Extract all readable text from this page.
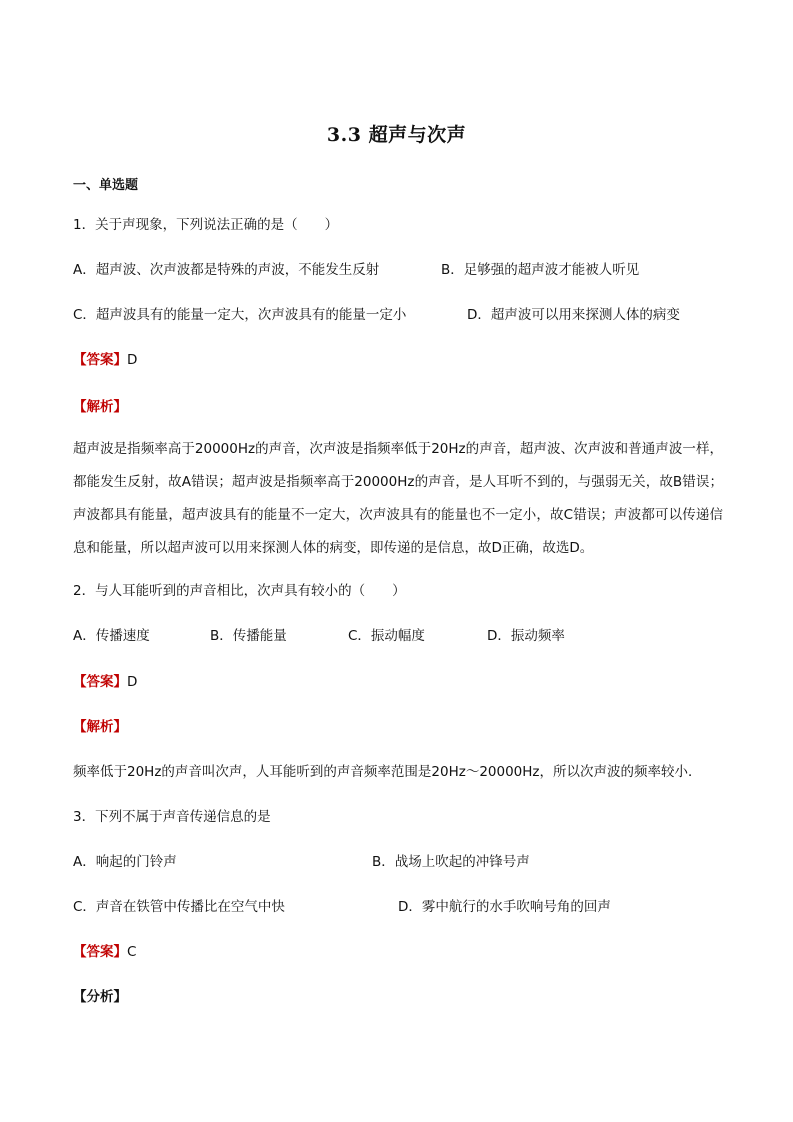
3.3 超声与次声
一、单选题
1．关于声现象，下列说法正确的是（　　）
A．超声波、次声波都是特殊的声波，不能发生反射	B．足够强的超声波才能被人听见
C．超声波具有的能量一定大，次声波具有的能量一定小	D．超声波可以用来探测人体的病变
【答案】D
【解析】
超声波是指频率高于20000Hz的声音，次声波是指频率低于20Hz的声音，超声波、次声波和普通声波一样，都能发生反射，故A错误；超声波是指频率高于20000Hz的声音，是人耳听不到的，与强弱无关，故B错误；声波都具有能量，超声波具有的能量不一定大，次声波具有的能量也不一定小，故C错误；声波都可以传递信息和能量，所以超声波可以用来探测人体的病变，即传递的是信息，故D正确，故选D。
2．与人耳能听到的声音相比，次声具有较小的（　　）
A．传播速度	B．传播能量	C．振动幅度	D．振动频率
【答案】D
【解析】
频率低于20Hz的声音叫次声，人耳能听到的声音频率范围是20Hz～20000Hz，所以次声波的频率较小．
3．下列不属于声音传递信息的是
A．响起的门铃声	B．战场上吹起的冲锋号声
C．声音在铁管中传播比在空气中快	D．雾中航行的水手吹响号角的回声
【答案】C
【分析】
